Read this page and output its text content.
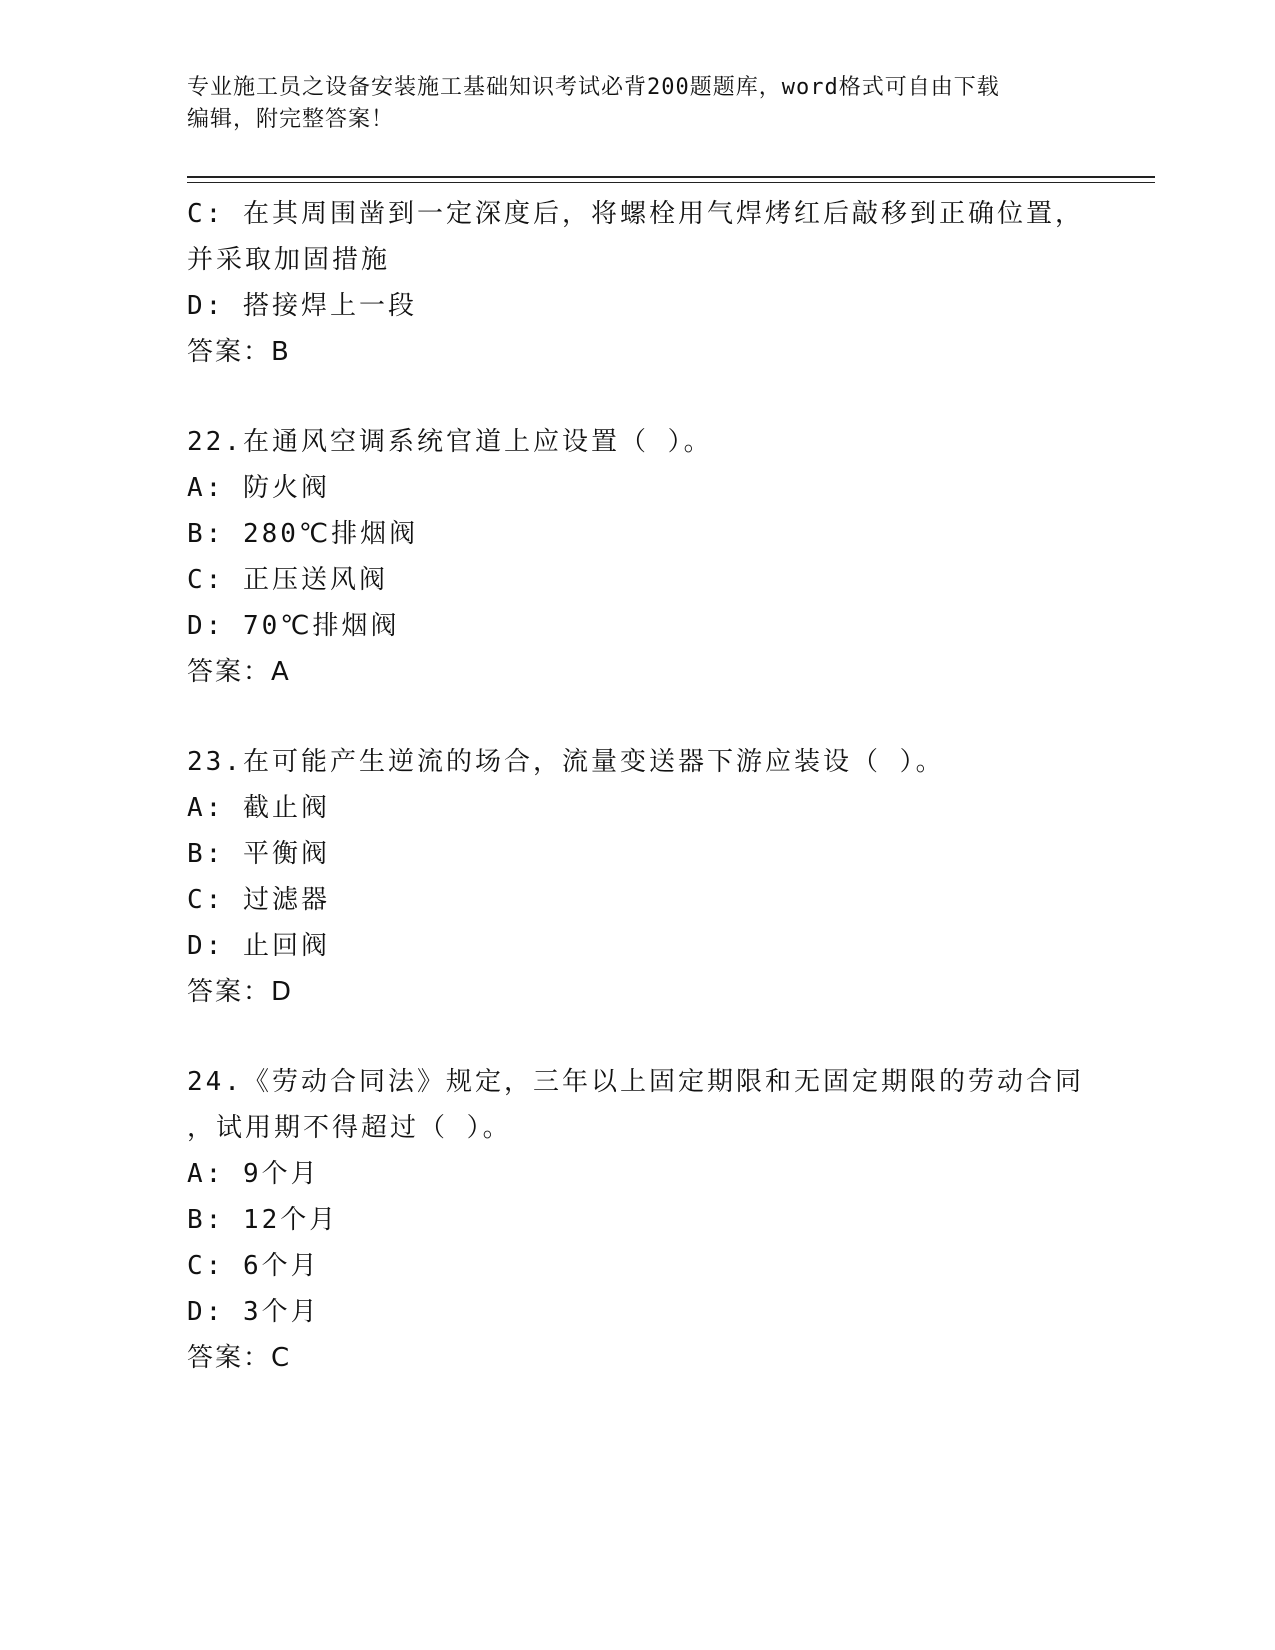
专业施工员之设备安装施工基础知识考试必背200题题库，word格式可自由下载
编辑，附完整答案！
C: 在其周围凿到一定深度后，将螺栓用气焊烤红后敲移到正确位置，
并采取加固措施
D: 搭接焊上一段
答案：B
22.在通风空调系统官道上应设置（ ）。
A: 防火阀
B: 280℃排烟阀
C: 正压送风阀
D: 70℃排烟阀
答案：A
23.在可能产生逆流的场合，流量变送器下游应装设（ ）。
A: 截止阀
B: 平衡阀
C: 过滤器
D: 止回阀
答案：D
24.《劳动合同法》规定，三年以上固定期限和无固定期限的劳动合同
，试用期不得超过（ ）。
A: 9个月
B: 12个月
C: 6个月
D: 3个月
答案：C
